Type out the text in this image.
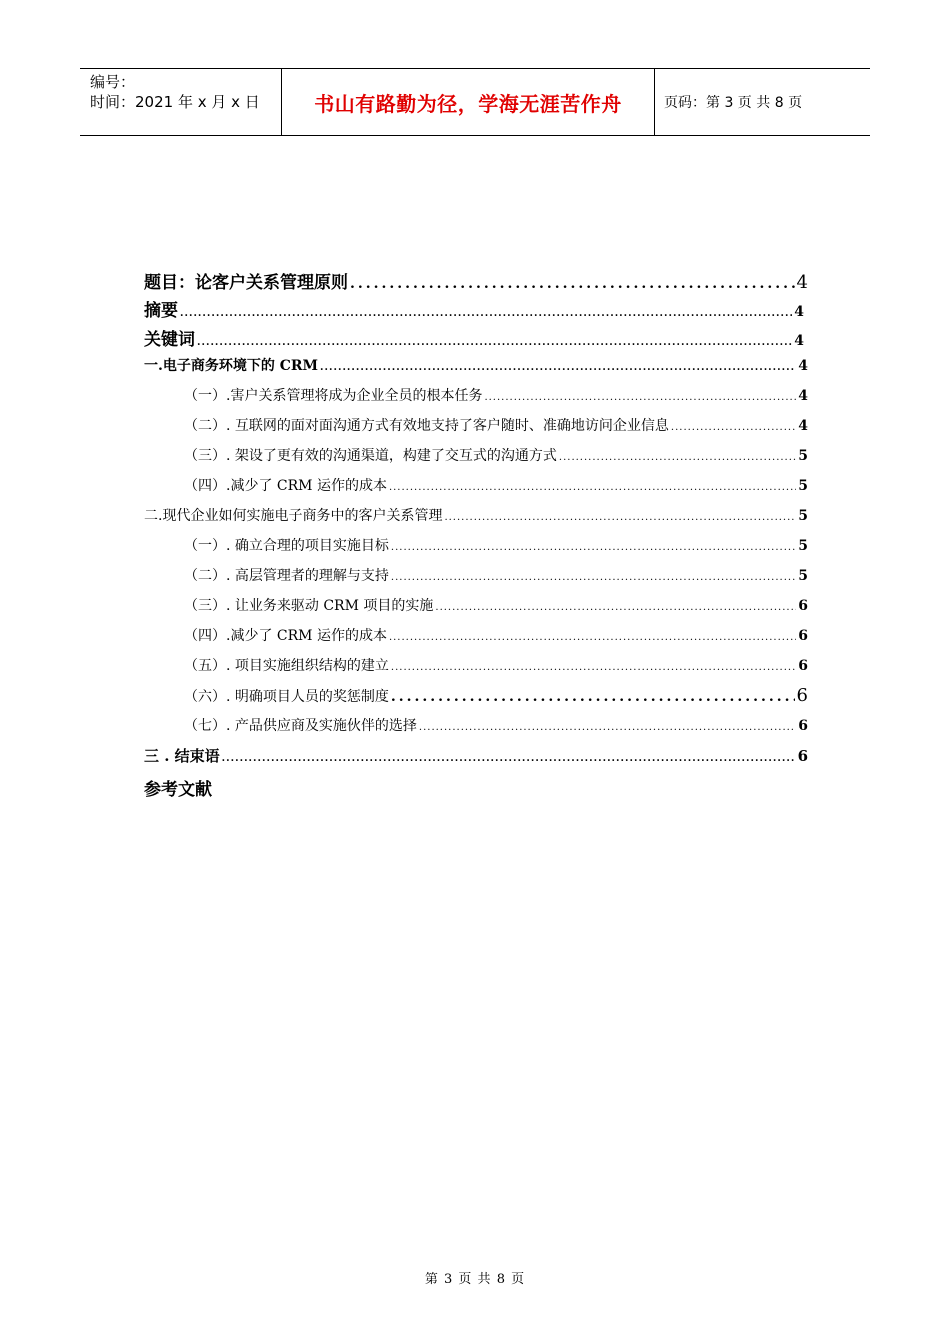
编号：
时间：2021 年 x 月 x 日	书山有路勤为径，学海无涯苦作舟	页码：第 3 页 共 8 页
题目：论客户关系管理原则 .....	4
摘要 .....	4
关键词 .....	4
一.电子商务环境下的 CRM .....	4
（一）.害户关系管理将成为企业全员的根本任务 .....	4
（二）. 互联网的面对面沟通方式有效地支持了客户随时、准确地访问企业信息 .....	4
（三）. 架设了更有效的沟通渠道，构建了交互式的沟通方式 .....	5
（四）.减少了 CRM 运作的成本 .....	5
二.现代企业如何实施电子商务中的客户关系管理 .....	5
（一）. 确立合理的项目实施目标 .....	5
（二）. 高层管理者的理解与支持 .....	5
（三）. 让业务来驱动 CRM 项目的实施 .....	6
（四）.减少了 CRM 运作的成本 .....	6
（五）. 项目实施组织结构的建立 .....	6
（六）. 明确项目人员的奖惩制度 .....	6
（七）. 产品供应商及实施伙伴的选择 .....	6
三 . 结束语 .....	6
参考文献
第 3 页 共 8 页
